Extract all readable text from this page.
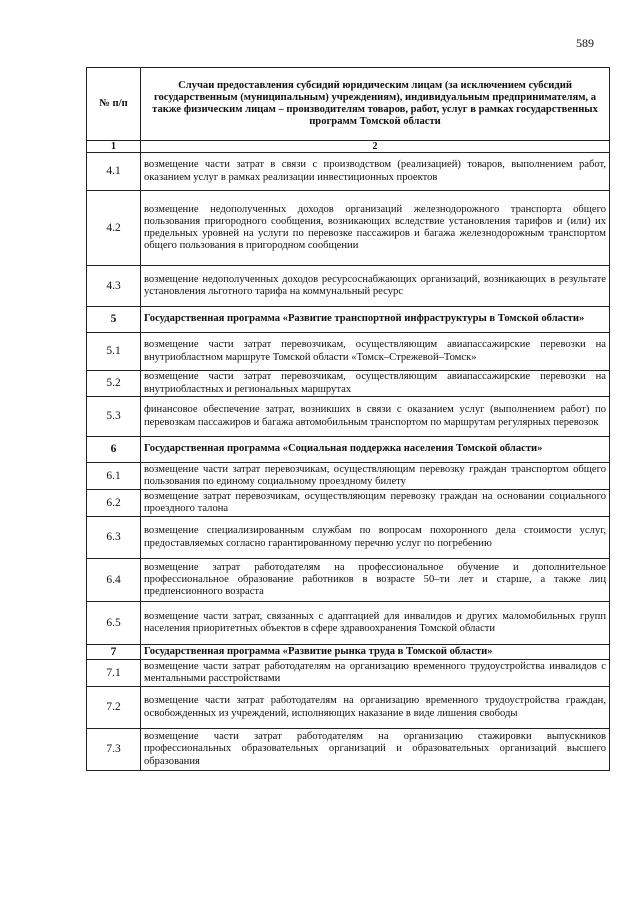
589
№ п/п	Случаи предоставления субсидий юридическим лицам (за исключением субсидий государственным (муниципальным) учреждениям), индивидуальным предпринимателям, а также физическим лицам – производителям товаров, работ, услуг в рамках государственных программ Томской области
1	2
4.1	возмещение части затрат в связи с производством (реализацией) товаров, выполнением работ, оказанием услуг в рамках реализации инвестиционных проектов
4.2	возмещение недополученных доходов организаций железнодорожного транспорта общего пользования пригородного сообщения, возникающих вследствие установления тарифов и (или) их предельных уровней на услуги по перевозке пассажиров и багажа железнодорожным транспортом общего пользования в пригородном сообщении
4.3	возмещение недополученных доходов ресурсоснабжающих организаций, возникающих в результате установления льготного тарифа на коммунальный ресурс
5	Государственная программа «Развитие транспортной инфраструктуры в Томской области»
5.1	возмещение части затрат перевозчикам, осуществляющим авиапассажирские перевозки на внутриобластном маршруте Томской области «Томск–Стрежевой–Томск»
5.2	возмещение части затрат перевозчикам, осуществляющим авиапассажирские перевозки на внутриобластных и региональных маршрутах
5.3	финансовое обеспечение затрат, возникших в связи с оказанием услуг (выполнением работ) по перевозкам пассажиров и багажа автомобильным транспортом по маршрутам регулярных перевозок
6	Государственная программа «Социальная поддержка населения Томской области»
6.1	возмещение части затрат перевозчикам, осуществляющим перевозку граждан транспортом общего пользования по единому социальному проездному билету
6.2	возмещение затрат перевозчикам, осуществляющим перевозку граждан на основании социального проездного талона
6.3	возмещение специализированным службам по вопросам похоронного дела стоимости услуг, предоставляемых согласно гарантированному перечню услуг по погребению
6.4	возмещение затрат работодателям на профессиональное обучение и дополнительное профессиональное образование работников в возрасте 50–ти лет и старше, а также лиц предпенсионного возраста
6.5	возмещение части затрат, связанных с адаптацией для инвалидов и других маломобильных групп населения приоритетных объектов в сфере здравоохранения Томской области
7	Государственная программа «Развитие рынка труда в Томской области»
7.1	возмещение части затрат работодателям на организацию временного трудоустройства инвалидов с ментальными расстройствами
7.2	возмещение части затрат работодателям на организацию временного трудоустройства граждан, освобожденных из учреждений, исполняющих наказание в виде лишения свободы
7.3	возмещение части затрат работодателям на организацию стажировки выпускников профессиональных образовательных организаций и образовательных организаций высшего образования
